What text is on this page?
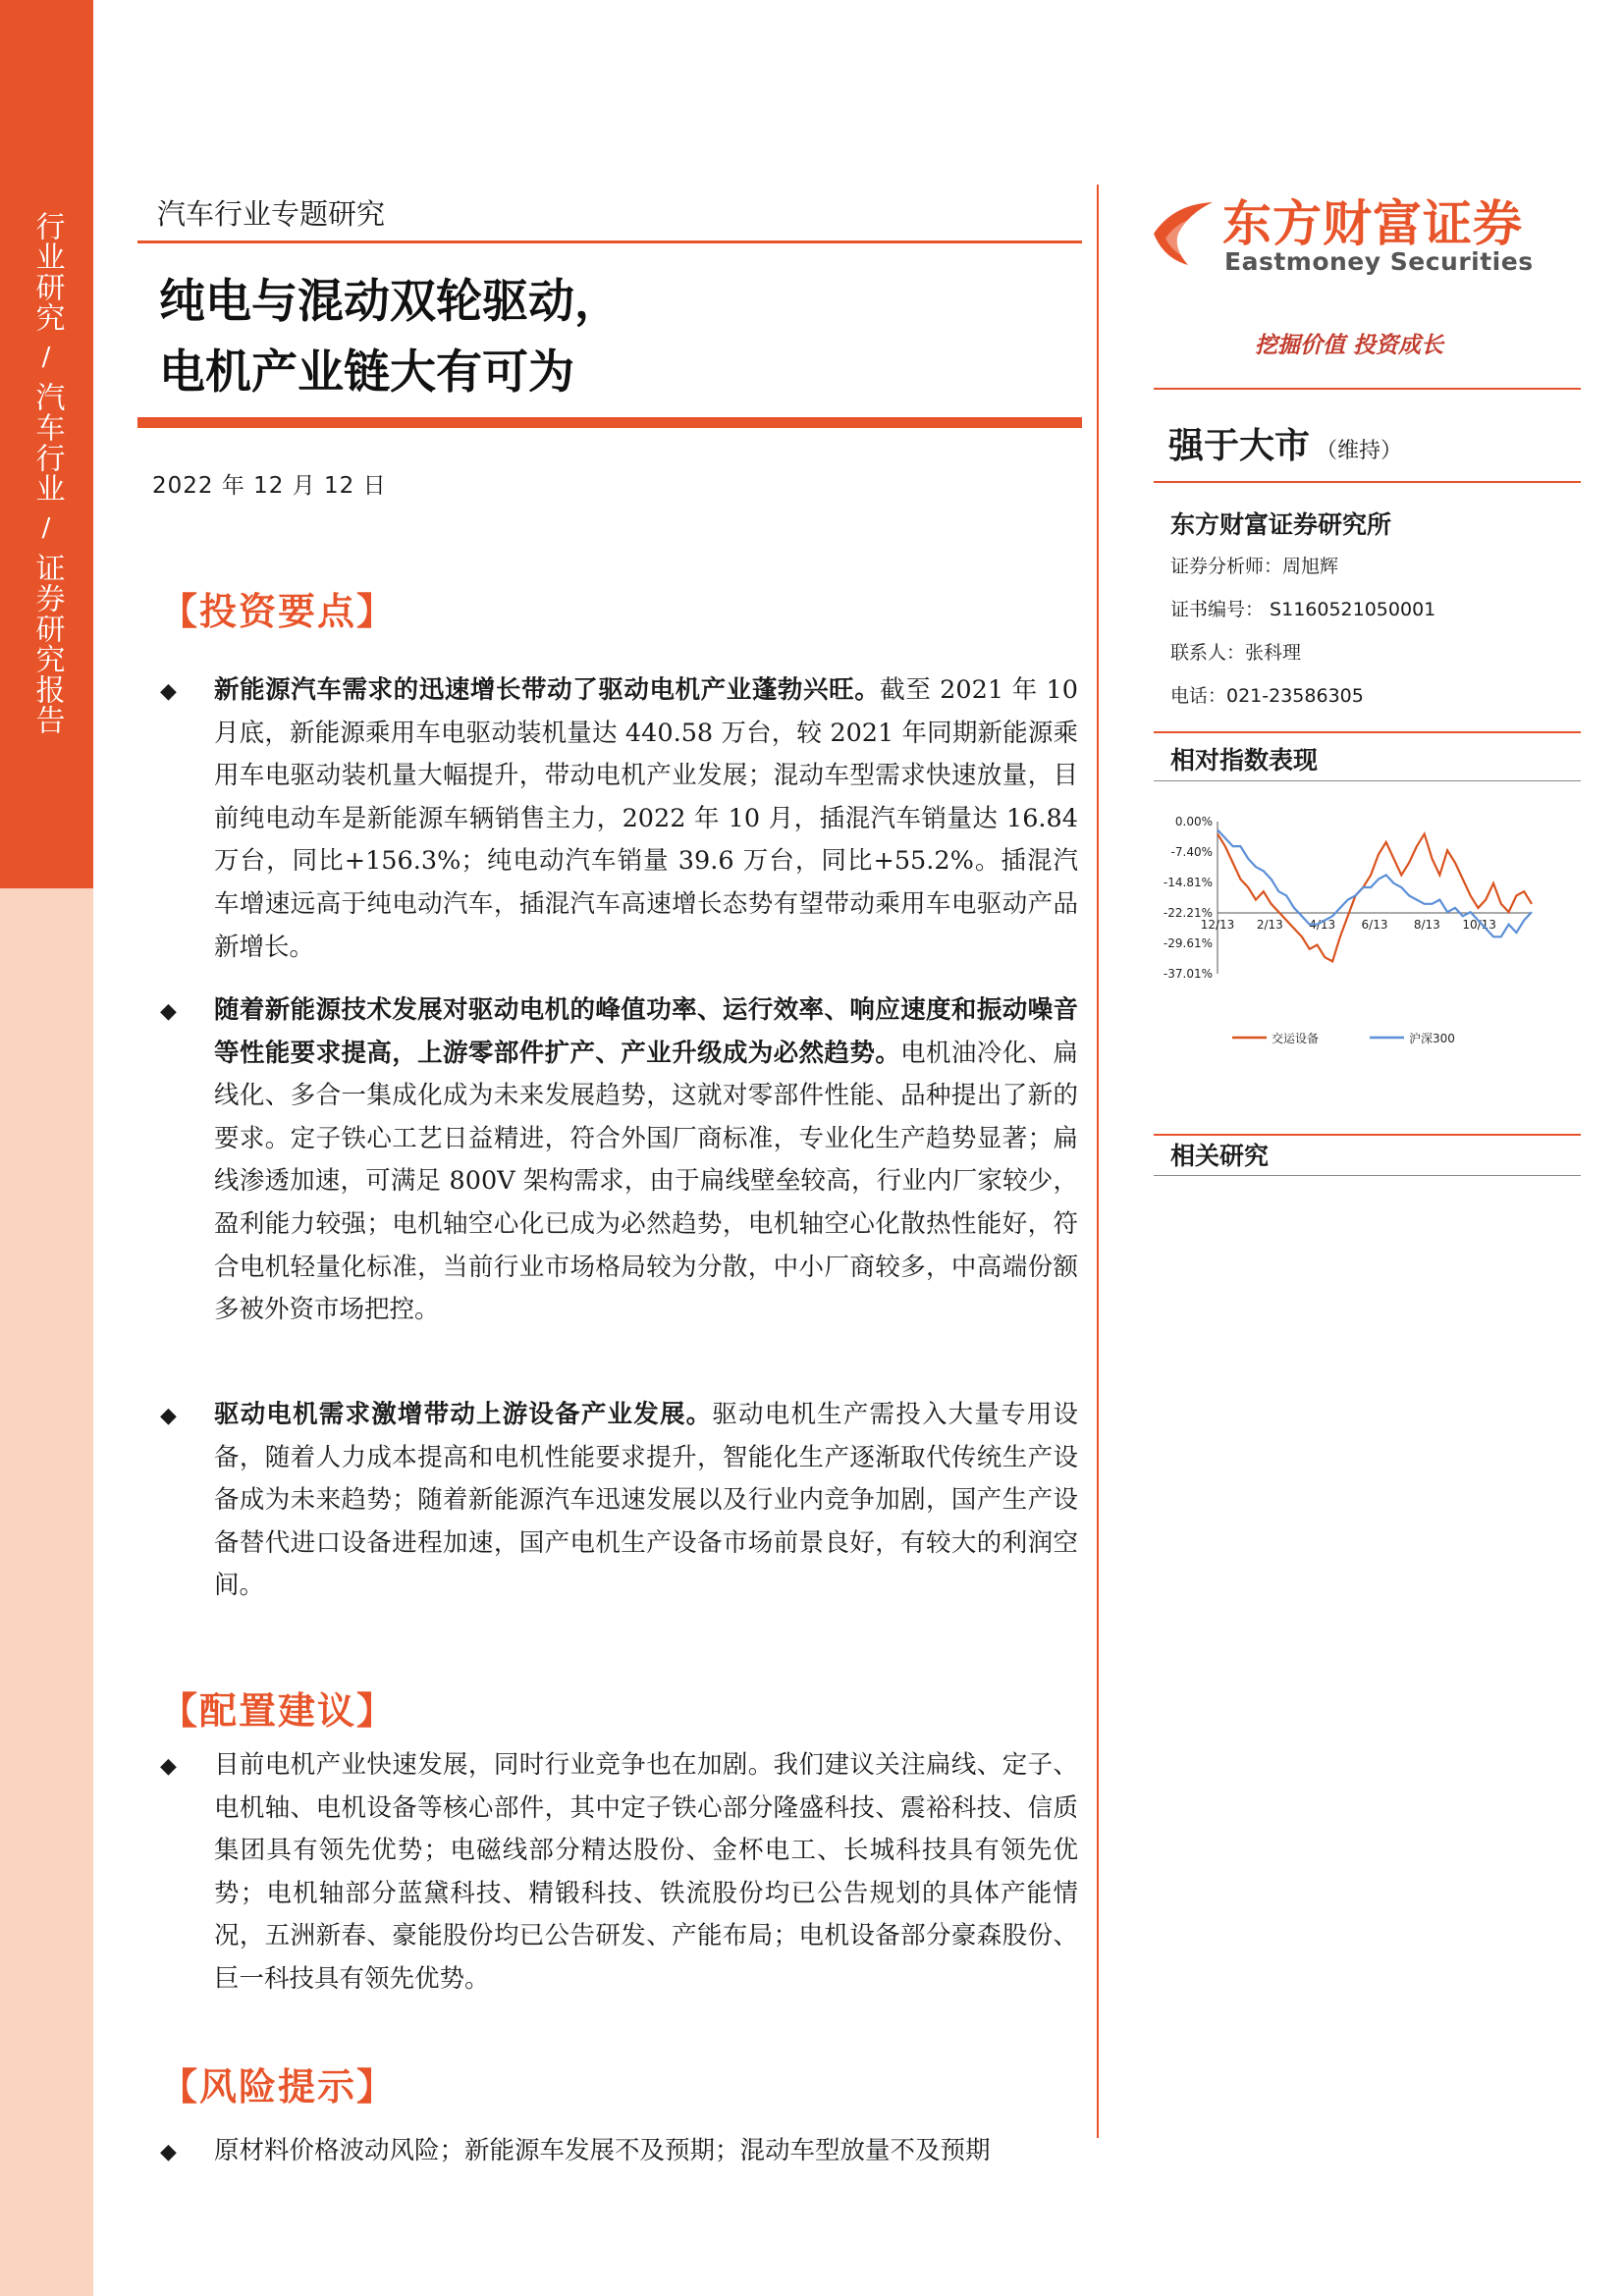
行业研究
/
汽车行业
/
证券研究报告
汽车行业专题研究
纯电与混动双轮驱动，
电机产业链大有可为
2022 年 12 月 12 日
【投资要点】
◆ 新能源汽车需求的迅速增长带动了驱动电机产业蓬勃兴旺。截至 2021 年 10 月底，新能源乘用车电驱动装机量达 440.58 万台，较 2021 年同期新能源乘用车电驱动装机量大幅提升，带动电机产业发展；混动车型需求快速放量，目前纯电动车是新能源车辆销售主力，2022 年 10 月，插混汽车销量达 16.84 万台，同比+156.3%；纯电动汽车销量 39.6 万台，同比+55.2%。插混汽车增速远高于纯电动汽车，插混汽车高速增长态势有望带动乘用车电驱动产品新增长。
◆ 随着新能源技术发展对驱动电机的峰值功率、运行效率、响应速度和振动噪音等性能要求提高，上游零部件扩产、产业升级成为必然趋势。电机油冷化、扁线化、多合一集成化成为未来发展趋势，这就对零部件性能、品种提出了新的要求。定子铁心工艺日益精进，符合外国厂商标准，专业化生产趋势显著；扁线渗透加速，可满足 800V 架构需求，由于扁线壁垒较高，行业内厂家较少，盈利能力较强；电机轴空心化已成为必然趋势，电机轴空心化散热性能好，符合电机轻量化标准，当前行业市场格局较为分散，中小厂商较多，中高端份额多被外资市场把控。
◆ 驱动电机需求激增带动上游设备产业发展。驱动电机生产需投入大量专用设备，随着人力成本提高和电机性能要求提升，智能化生产逐渐取代传统生产设备成为未来趋势；随着新能源汽车迅速发展以及行业内竞争加剧，国产生产设备替代进口设备进程加速，国产电机生产设备市场前景良好，有较大的利润空间。
【配置建议】
◆ 目前电机产业快速发展，同时行业竞争也在加剧。我们建议关注扁线、定子、电机轴、电机设备等核心部件，其中定子铁心部分隆盛科技、震裕科技、信质集团具有领先优势；电磁线部分精达股份、金杯电工、长城科技具有领先优势；电机轴部分蓝黛科技、精锻科技、铁流股份均已公告规划的具体产能情况，五洲新春、豪能股份均已公告研发、产能布局；电机设备部分豪森股份、巨一科技具有领先优势。
【风险提示】
◆ 原材料价格波动风险；新能源车发展不及预期；混动车型放量不及预期
东方财富证券
Eastmoney Securities
挖掘价值 投资成长
强于大市 （维持）
东方财富证券研究所
证券分析师：周旭辉
证书编号： S1160521050001
联系人：张科理
电话：021-23586305
相对指数表现
0.00%
-7.40%
-14.81%
-22.21%
-29.61%
-37.01%
12/13 2/13 4/13 6/13 8/13 10/13
交运设备	沪深300
相关研究
